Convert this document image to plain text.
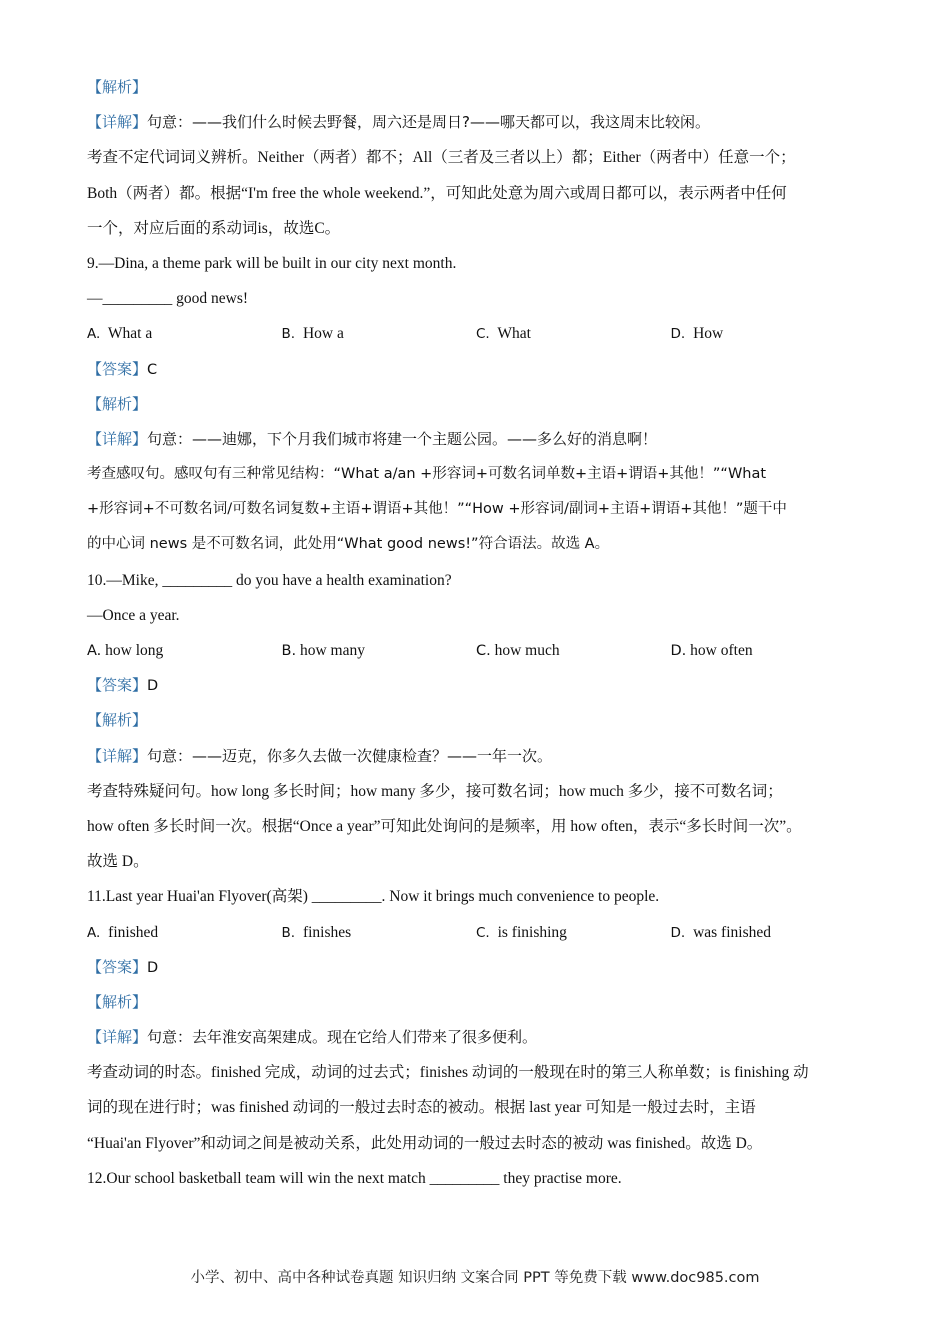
【解析】
【详解】句意：——我们什么时候去野餐，周六还是周日?——哪天都可以，我这周末比较闲。
考查不定代词词义辨析。Neither（两者）都不；All（三者及三者以上）都；Either（两者中）任意一个；
Both（两者）都。根据“I'm free the whole weekend.”，可知此处意为周六或周日都可以，表示两者中任何
一个，对应后面的系动词is，故选C。
9.—Dina, a theme park will be built in our city next month.
—_________ good news!
A. What a	B. How a	C. What	D. How
【答案】C
【解析】
【详解】句意：——迪娜，下个月我们城市将建一个主题公园。——多么好的消息啊！
考查感叹句。感叹句有三种常见结构：“What a/an +形容词+可数名词单数+主语+谓语+其他！”“What
+形容词+不可数名词/可数名词复数+主语+谓语+其他！”“How +形容词/副词+主语+谓语+其他！”题干中
的中心词 news 是不可数名词，此处用“What good news!”符合语法。故选 A。
10.—Mike, _________ do you have a health examination?
—Once a year.
A. how long	B. how many	C. how much	D. how often
【答案】D
【解析】
【详解】句意：——迈克，你多久去做一次健康检查？——一年一次。
考查特殊疑问句。how long 多长时间；how many 多少，接可数名词；how much 多少，接不可数名词；
how often 多长时间一次。根据“Once a year”可知此处询问的是频率，用 how often，表示“多长时间一次”。
故选 D。
11.Last year Huai'an Flyover(高架) _________. Now it brings much convenience to people.
A. finished	B. finishes	C. is finishing	D. was finished
【答案】D
【解析】
【详解】句意：去年淮安高架建成。现在它给人们带来了很多便利。
考查动词的时态。finished 完成，动词的过去式；finishes 动词的一般现在时的第三人称单数；is finishing 动
词的现在进行时；was finished 动词的一般过去时态的被动。根据 last year 可知是一般过去时，主语
“Huai'an Flyover”和动词之间是被动关系，此处用动词的一般过去时态的被动 was finished。故选 D。
12.Our school basketball team will win the next match _________ they practise more.
小学、初中、高中各种试卷真题 知识归纳 文案合同 PPT 等免费下载 www.doc985.com
